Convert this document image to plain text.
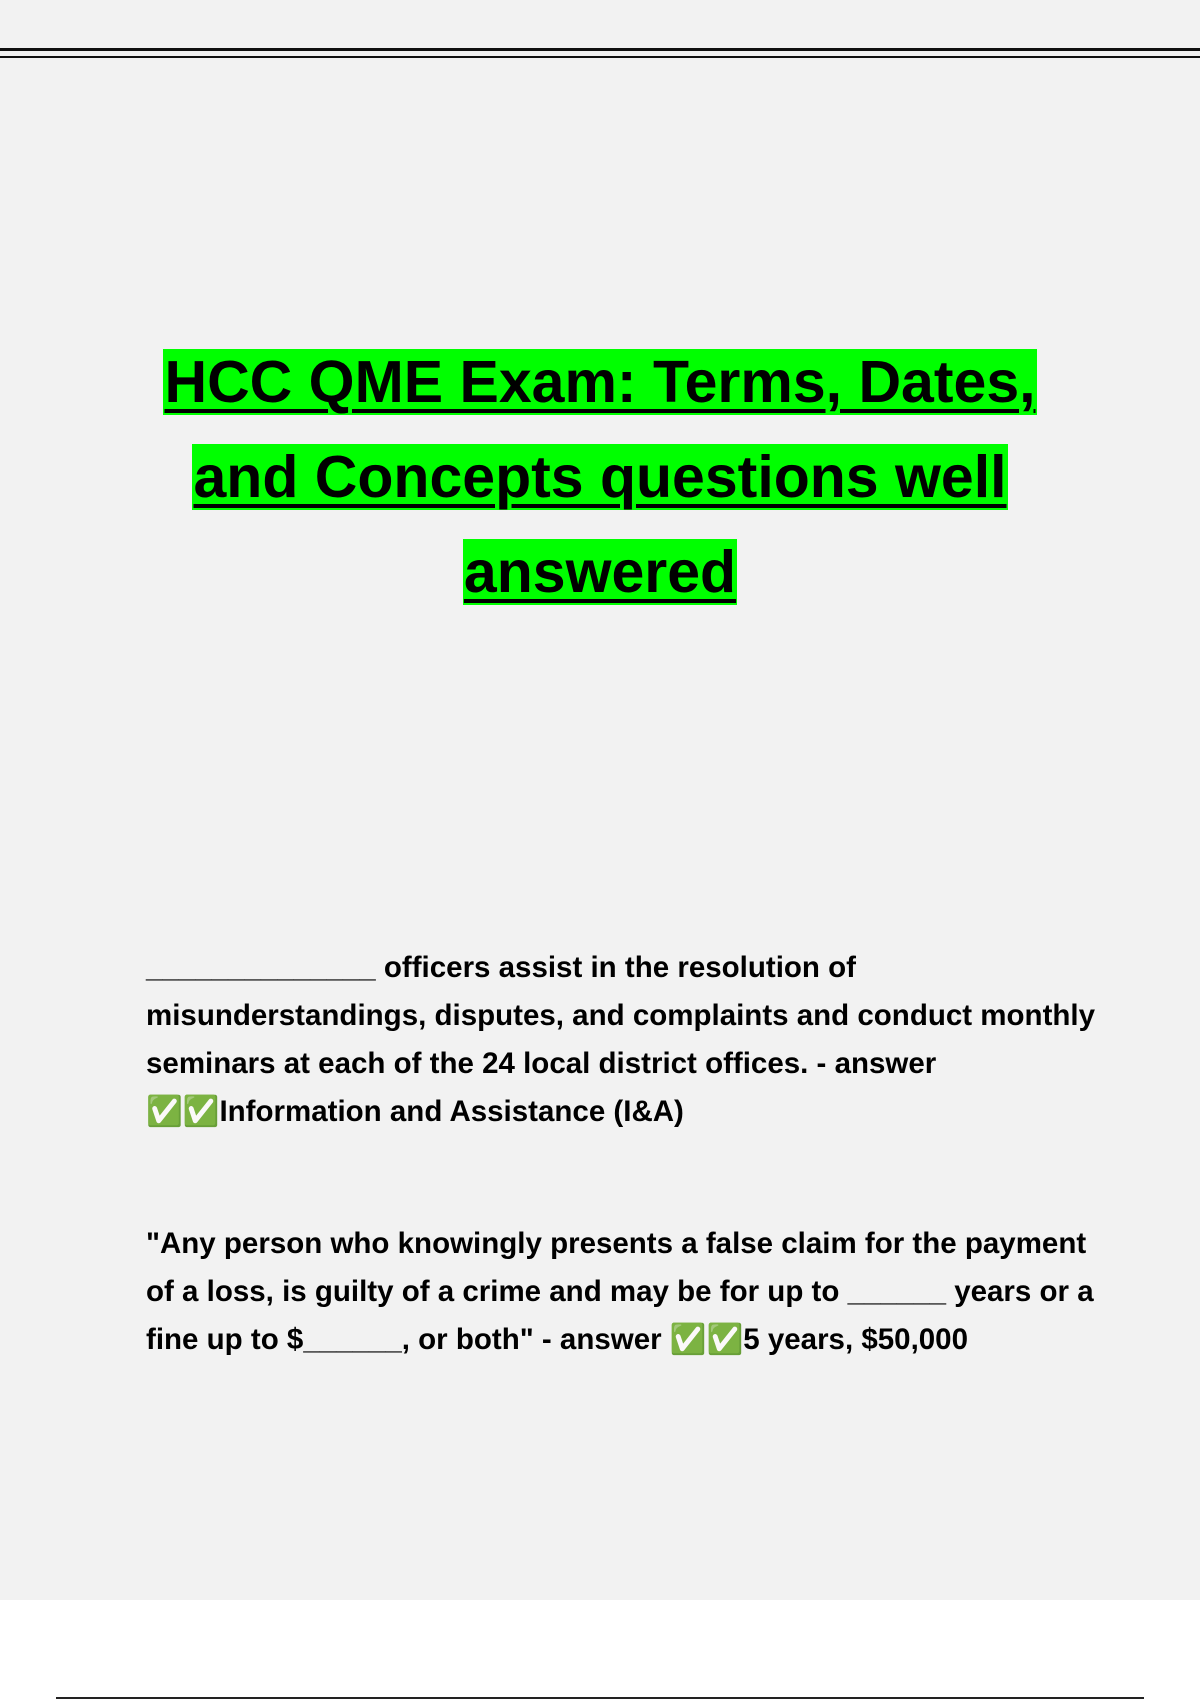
HCC QME Exam: Terms, Dates,
and Concepts questions well
answered
______________ officers assist in the resolution of misunderstandings, disputes, and complaints and conduct monthly seminars at each of the 24 local district offices. - answer ✅✅Information and Assistance (I&A)
"Any person who knowingly presents a false claim for the payment of a loss, is guilty of a crime and may be for up to ______ years or a fine up to $______, or both" - answer ✅✅5 years, $50,000
